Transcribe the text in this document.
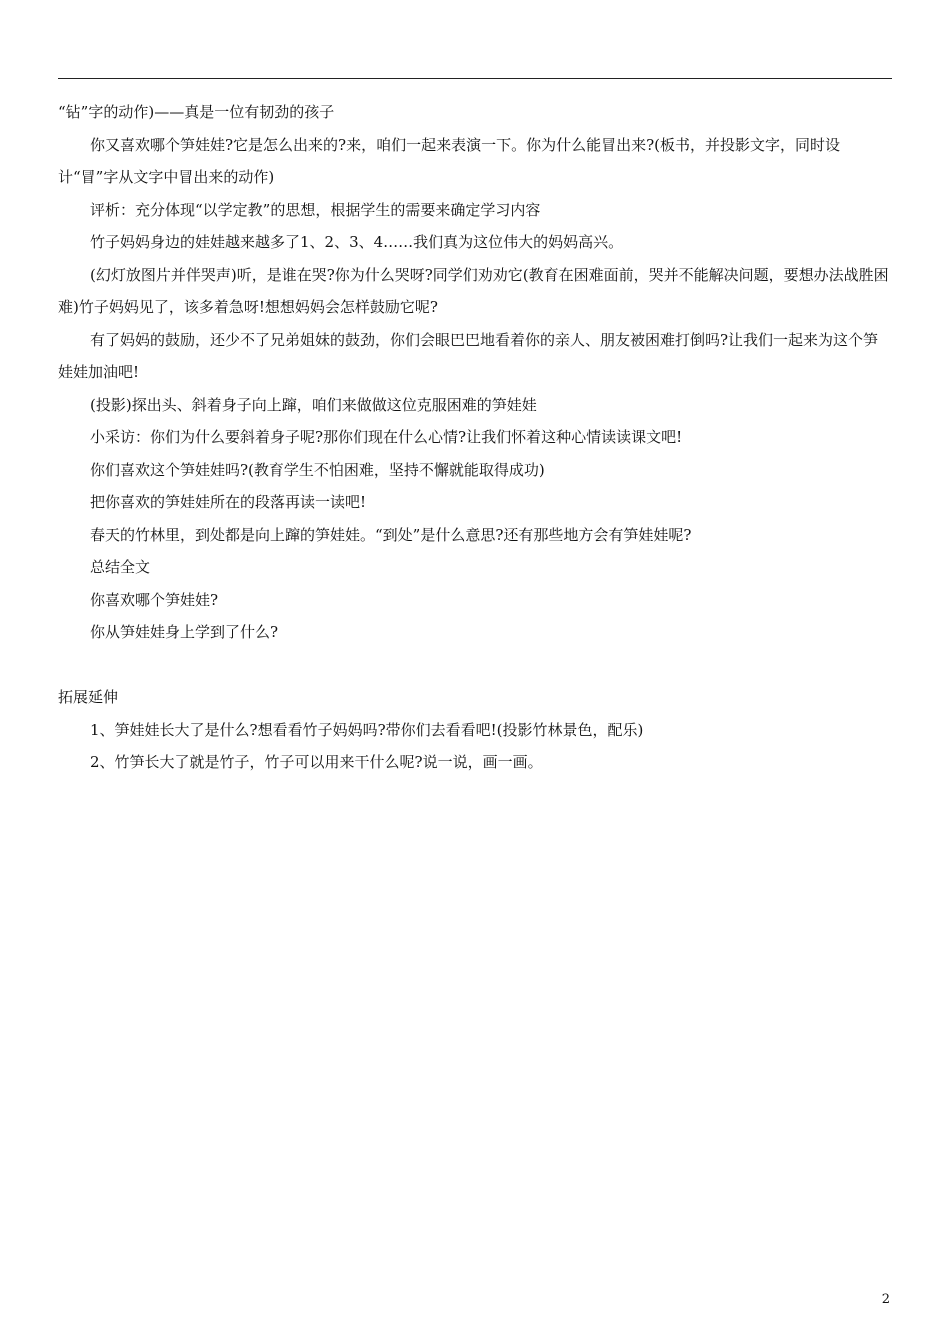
“钻”字的动作)——真是一位有韧劲的孩子

你又喜欢哪个笋娃娃?它是怎么出来的?来，咱们一起来表演一下。你为什么能冒出来?(板书，并投影文字，同时设计“冒”字从文字中冒出来的动作)

评析：充分体现“以学定教”的思想，根据学生的需要来确定学习内容

竹子妈妈身边的娃娃越来越多了1、2、3、4……我们真为这位伟大的妈妈高兴。

(幻灯放图片并伴哭声)听，是谁在哭?你为什么哭呀?同学们劝劝它(教育在困难面前，哭并不能解决问题，要想办法战胜困难)竹子妈妈见了，该多着急呀!想想妈妈会怎样鼓励它呢?

有了妈妈的鼓励，还少不了兄弟姐妹的鼓劲，你们会眼巴巴地看着你的亲人、朋友被困难打倒吗?让我们一起来为这个笋娃娃加油吧!

(投影)探出头、斜着身子向上蹿，咱们来做做这位克服困难的笋娃娃

小采访：你们为什么要斜着身子呢?那你们现在什么心情?让我们怀着这种心情读读课文吧!

你们喜欢这个笋娃娃吗?(教育学生不怕困难，坚持不懈就能取得成功)

把你喜欢的笋娃娃所在的段落再读一读吧!

春天的竹林里，到处都是向上蹿的笋娃娃。“到处”是什么意思?还有那些地方会有笋娃娃呢?

总结全文

你喜欢哪个笋娃娃?

你从笋娃娃身上学到了什么?

拓展延伸

1、笋娃娃长大了是什么?想看看竹子妈妈吗?带你们去看看吧!(投影竹林景色，配乐)

2、竹笋长大了就是竹子，竹子可以用来干什么呢?说一说，画一画。

2
